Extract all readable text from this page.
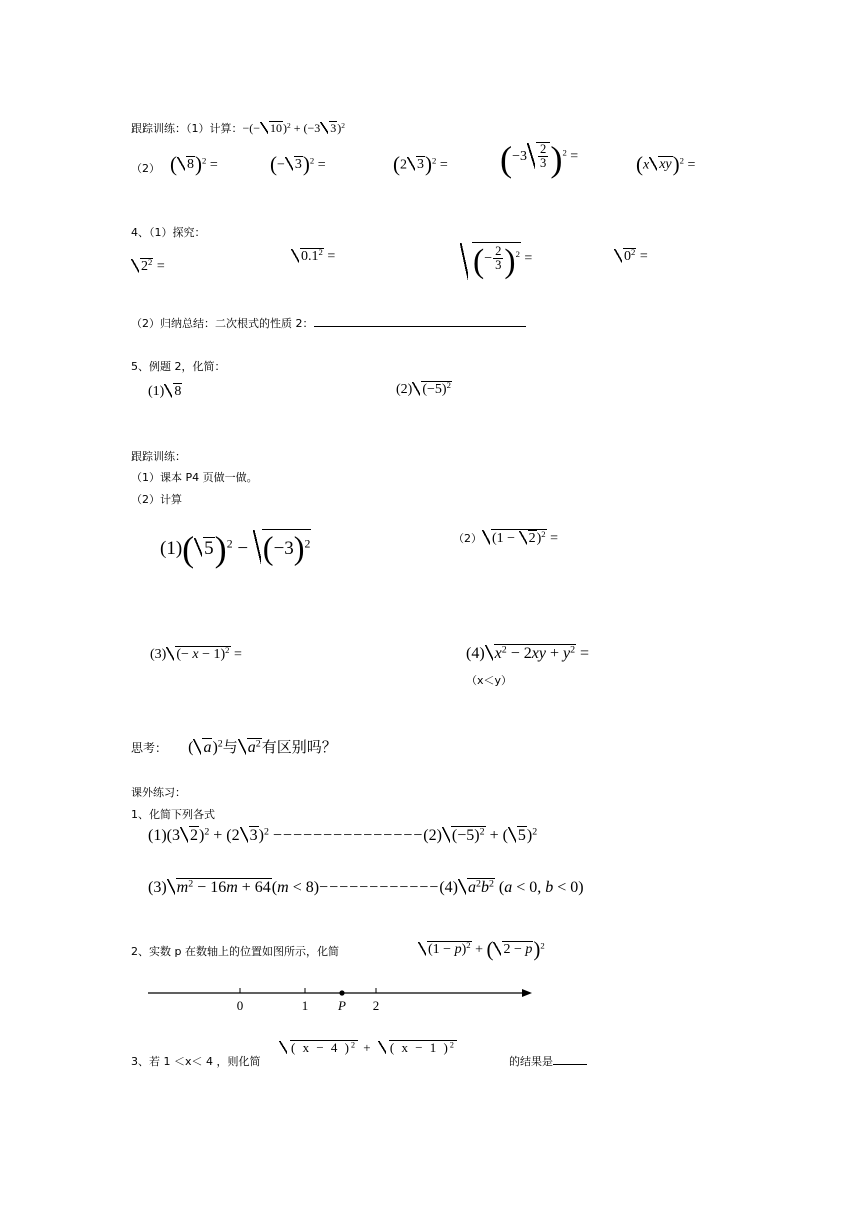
跟踪训练：（1）计算：−(− 10)$^2$ + (−3 3)$^2$
（2） ( 8)$^2$ = (− 3)$^2$ =	(2 $3)^2 = (-3 \frac{2}{3} )^2$ =	(x xy)$^2$ =
4、（1）探究：
$2^2$ =
$0.1^2$ =	(− $\frac{2}{3} )^2$ =	$0^2$ =
（2）归纳总结：二次根式的性质 2：
5、例题 2，化简：
(1) 8	(2) $(-5)^2$
跟踪训练：
（1）课本 P4 页做一做。
（2）计算
(1)( $5)^2 - (-3)^2$	（2） $(1 - 2)^2$ =
(3) (− x − 1)$^2$ =	(4) $x^2 - 2xy + y^2$ =
（x＜y）
思考： ( a)$^2$与 $a^2$有区别吗？
课外练习：
1、化简下列各式
(1)(3 2)$^2$ + (2 3)$^2$ −−−−−−−−−−−−−−−(2) $(-5)^2$ + ( 5)$^2$
(3) $m^2 - 16m + 64(m < 8)------------(4)$ $a^2b^2$ (a < 0, b < 0)
2、实数 p 在数轴上的位置如图所示，化简	$(1 - p)^2$ + ( 2 − p)$^2$
0	1 P 2
3、若 1 ＜x＜ 4 ，则化简
( x − 4 )$^2$ + ( x − 1 )$^2$
的结果是
